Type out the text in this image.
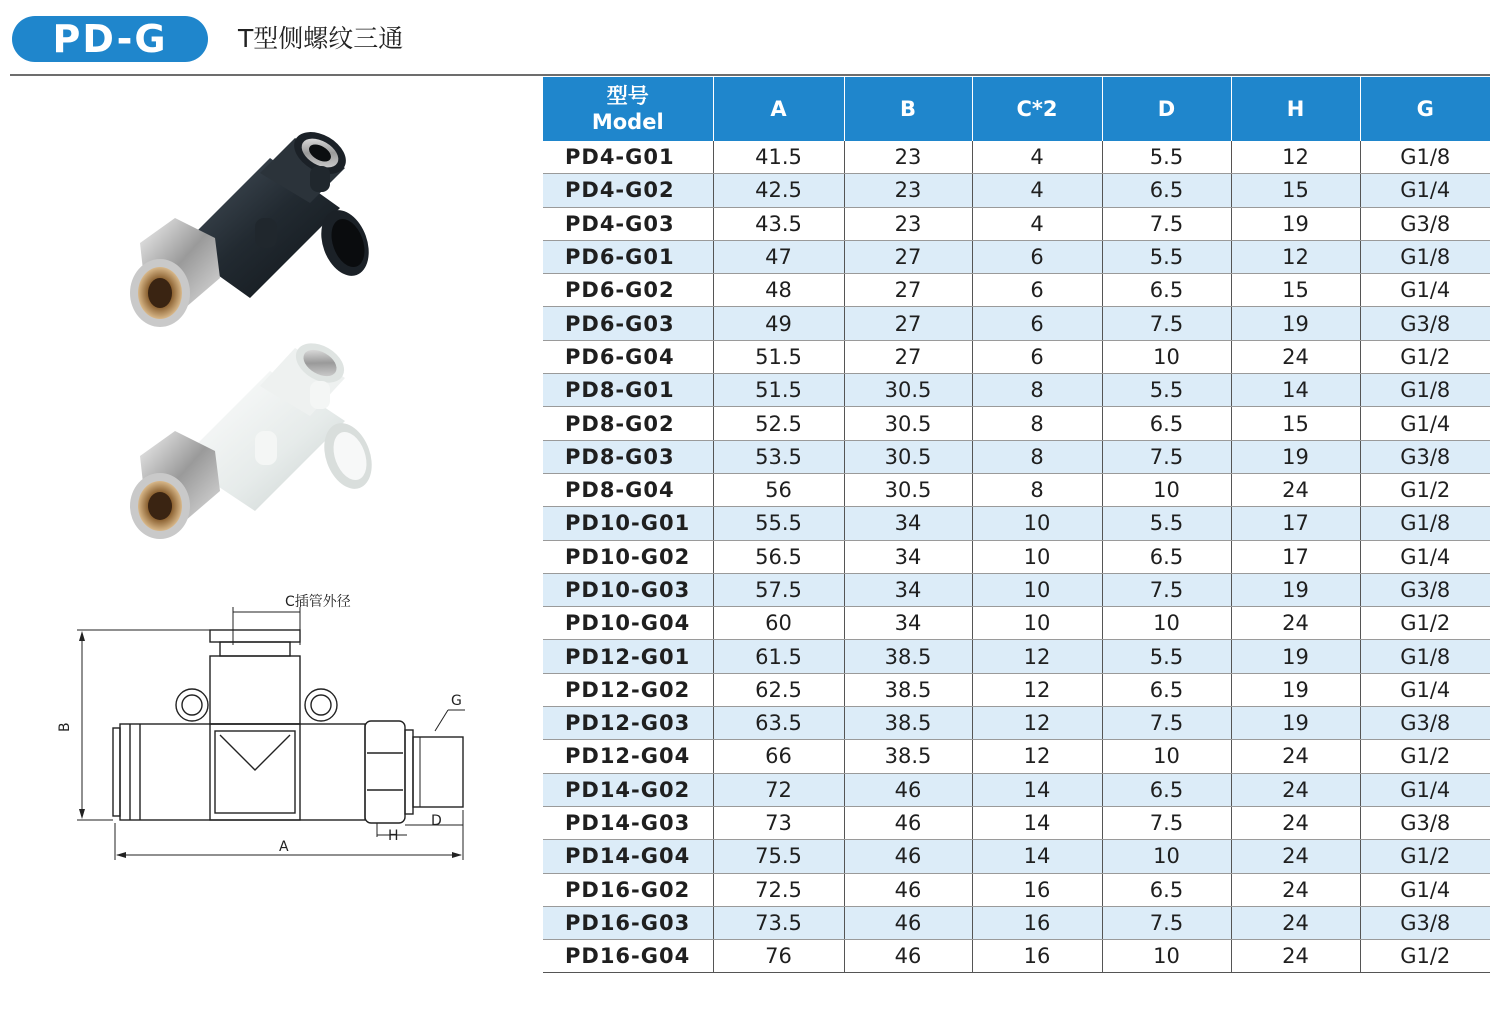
PD-G	T型侧螺纹三通
C插管外径
B
A
G
H
D
型号
Model	A	B	C*2	D	H	G
PD4-G01	41.5	23	4	5.5	12	G1/8
PD4-G02	42.5	23	4	6.5	15	G1/4
PD4-G03	43.5	23	4	7.5	19	G3/8
PD6-G01	47	27	6	5.5	12	G1/8
PD6-G02	48	27	6	6.5	15	G1/4
PD6-G03	49	27	6	7.5	19	G3/8
PD6-G04	51.5	27	6	10	24	G1/2
PD8-G01	51.5	30.5	8	5.5	14	G1/8
PD8-G02	52.5	30.5	8	6.5	15	G1/4
PD8-G03	53.5	30.5	8	7.5	19	G3/8
PD8-G04	56	30.5	8	10	24	G1/2
PD10-G01	55.5	34	10	5.5	17	G1/8
PD10-G02	56.5	34	10	6.5	17	G1/4
PD10-G03	57.5	34	10	7.5	19	G3/8
PD10-G04	60	34	10	10	24	G1/2
PD12-G01	61.5	38.5	12	5.5	19	G1/8
PD12-G02	62.5	38.5	12	6.5	19	G1/4
PD12-G03	63.5	38.5	12	7.5	19	G3/8
PD12-G04	66	38.5	12	10	24	G1/2
PD14-G02	72	46	14	6.5	24	G1/4
PD14-G03	73	46	14	7.5	24	G3/8
PD14-G04	75.5	46	14	10	24	G1/2
PD16-G02	72.5	46	16	6.5	24	G1/4
PD16-G03	73.5	46	16	7.5	24	G3/8
PD16-G04	76	46	16	10	24	G1/2
